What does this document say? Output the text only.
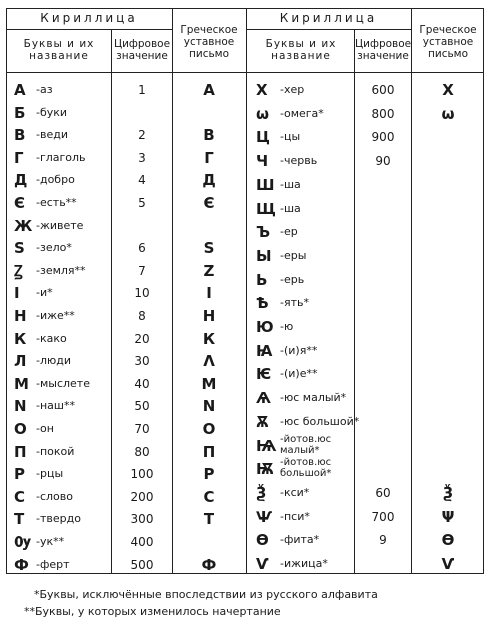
Кириллица	Кириллица
Буквы и их название
Цифровое значение
Греческое уставное письмо
Буквы и их название
Цифровое значение
Греческое уставное письмо
А -аз	1	А
Б -буки
В -веди	2	В
Г -глаголь	3	Г
Д -добро	4	Д
Є -есть**	5	Є
Ж -живете
Ѕ -зело*	6	Ѕ
Ꙁ -земля**	7	Z
І -и*	10	І
Н -иже**	8	Н
К -како	20	К
Л -люди	30	Λ
М -мыслете	40	М
N -наш**	50	N
О -он	70	О
П -покой	80	П
Р -рцы	100	Р
С -слово	200	С
Т -твердо	300	Т
Ѹ -ук**	400
Ф -ферт	500	Ф
Х -хер	600	Х
ѡ -омега*	800	ω
Ц -цы	900
Ч -червь	90
Ш -ша
Щ -ша
Ъ -ер
Ы -еры
Ь -ерь
Ѣ -ять*
Ю -ю
Ꙗ -(и)я**
Ѥ -(и)е**
Ѧ -юс малый*
Ѫ -юс большой*
Ѩ -йотов.юс малый*
Ѭ -йотов.юс большой*
Ѯ -кси*	60	Ѯ
Ѱ -пси*	700	Ψ
Ѳ -фита*	9	Ѳ
Ѵ -ижица*	Ѵ
*Буквы, исключённые впоследствии из русского алфавита
**Буквы, у которых изменилось начертание
